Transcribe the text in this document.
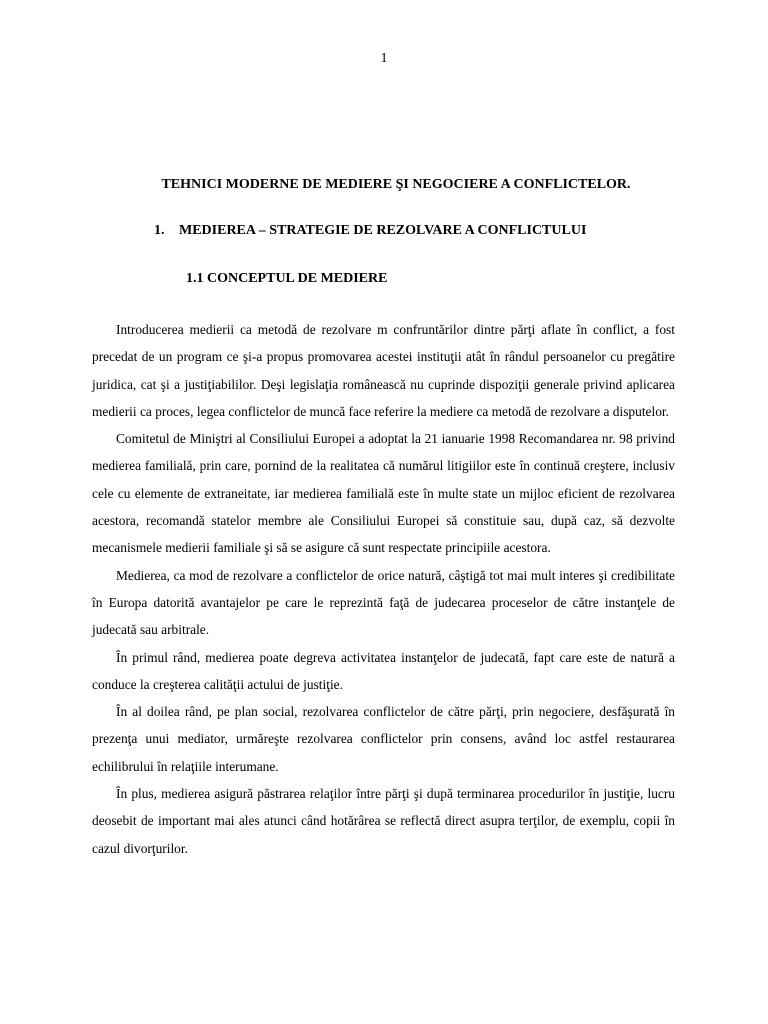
1
TEHNICI MODERNE DE MEDIERE ŞI NEGOCIERE A CONFLICTELOR.
1. MEDIEREA – STRATEGIE DE REZOLVARE A CONFLICTULUI
1.1 CONCEPTUL DE MEDIERE

Introducerea medierii ca metodă de rezolvare m confruntărilor dintre părţi aflate în conflict, a fost precedat de un program ce şi-a propus promovarea acestei instituţii atât în rândul persoanelor cu pregătire juridica, cat şi a justiţiabililor. Deşi legislaţia românească nu cuprinde dispoziţii generale privind aplicarea medierii ca proces, legea conflictelor de muncă face referire la mediere ca metodă de rezolvare a disputelor.

Comitetul de Miniştri al Consiliului Europei a adoptat la 21 ianuarie 1998 Recomandarea nr. 98 privind medierea familială, prin care, pornind de la realitatea că numărul litigiilor este în continuă creştere, inclusiv cele cu elemente de extraneitate, iar medierea familială este în multe state un mijloc eficient de rezolvarea acestora, recomandă statelor membre ale Consiliului Europei să constituie sau, după caz, să dezvolte mecanismele medierii familiale şi să se asigure că sunt respectate principiile acestora.

Medierea, ca mod de rezolvare a conflictelor de orice natură, câştigă tot mai mult interes şi credibilitate în Europa datorită avantajelor pe care le reprezintă faţă de judecarea proceselor de către instanţele de judecată sau arbitrale.

În primul rând, medierea poate degreva activitatea instanţelor de judecată, fapt care este de natură a conduce la creşterea calităţii actului de justiţie.

În al doilea rând, pe plan social, rezolvarea conflictelor de către părţi, prin negociere, desfăşurată în prezenţa unui mediator, urmăreşte rezolvarea conflictelor prin consens, având loc astfel restaurarea echilibrului în relaţiile interumane.

În plus, medierea asigură păstrarea relaţilor între părţi şi după terminarea procedurilor în justiţie, lucru deosebit de important mai ales atunci când hotărârea se reflectă direct asupra terţilor, de exemplu, copii în cazul divorţurilor.
